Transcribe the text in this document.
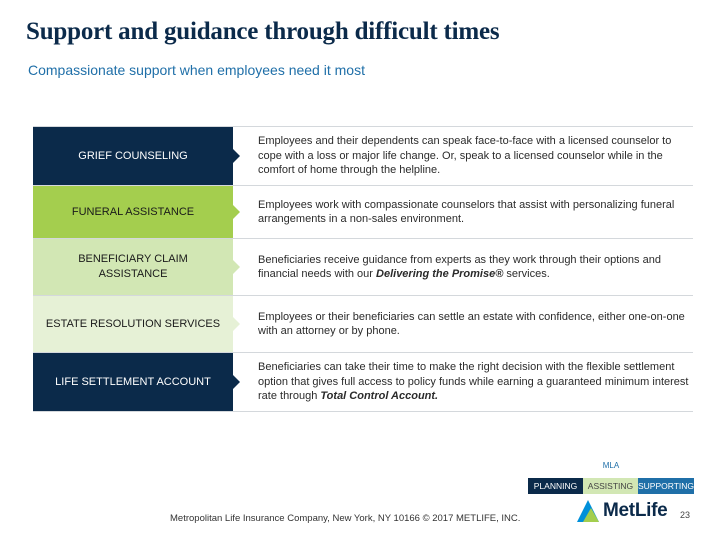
Support and guidance through difficult times

Compassionate support when employees need it most

GRIEF COUNSELING
Employees and their dependents can speak face-to-face with a licensed counselor to cope with a loss or major life change. Or, speak to a licensed counselor while in the comfort of home through the helpline.
FUNERAL ASSISTANCE
Employees work with compassionate counselors that assist with personalizing funeral arrangements in a non-sales environment.
BENEFICIARY CLAIM ASSISTANCE
Beneficiaries receive guidance from experts as they work through their options and financial needs with our Delivering the Promise® services.
ESTATE RESOLUTION SERVICES
Employees or their beneficiaries can settle an estate with confidence, either one-on-one with an attorney or by phone.
LIFE SETTLEMENT ACCOUNT
Beneficiaries can take their time to make the right decision with the flexible settlement option that gives full access to policy funds while earning a guaranteed minimum interest rate through Total Control Account.
MLA
PLANNING	ASSISTING SUPPORTING
Metropolitan Life Insurance Company, New York, NY 10166 © 2017 METLIFE, INC.	MetLife 23
